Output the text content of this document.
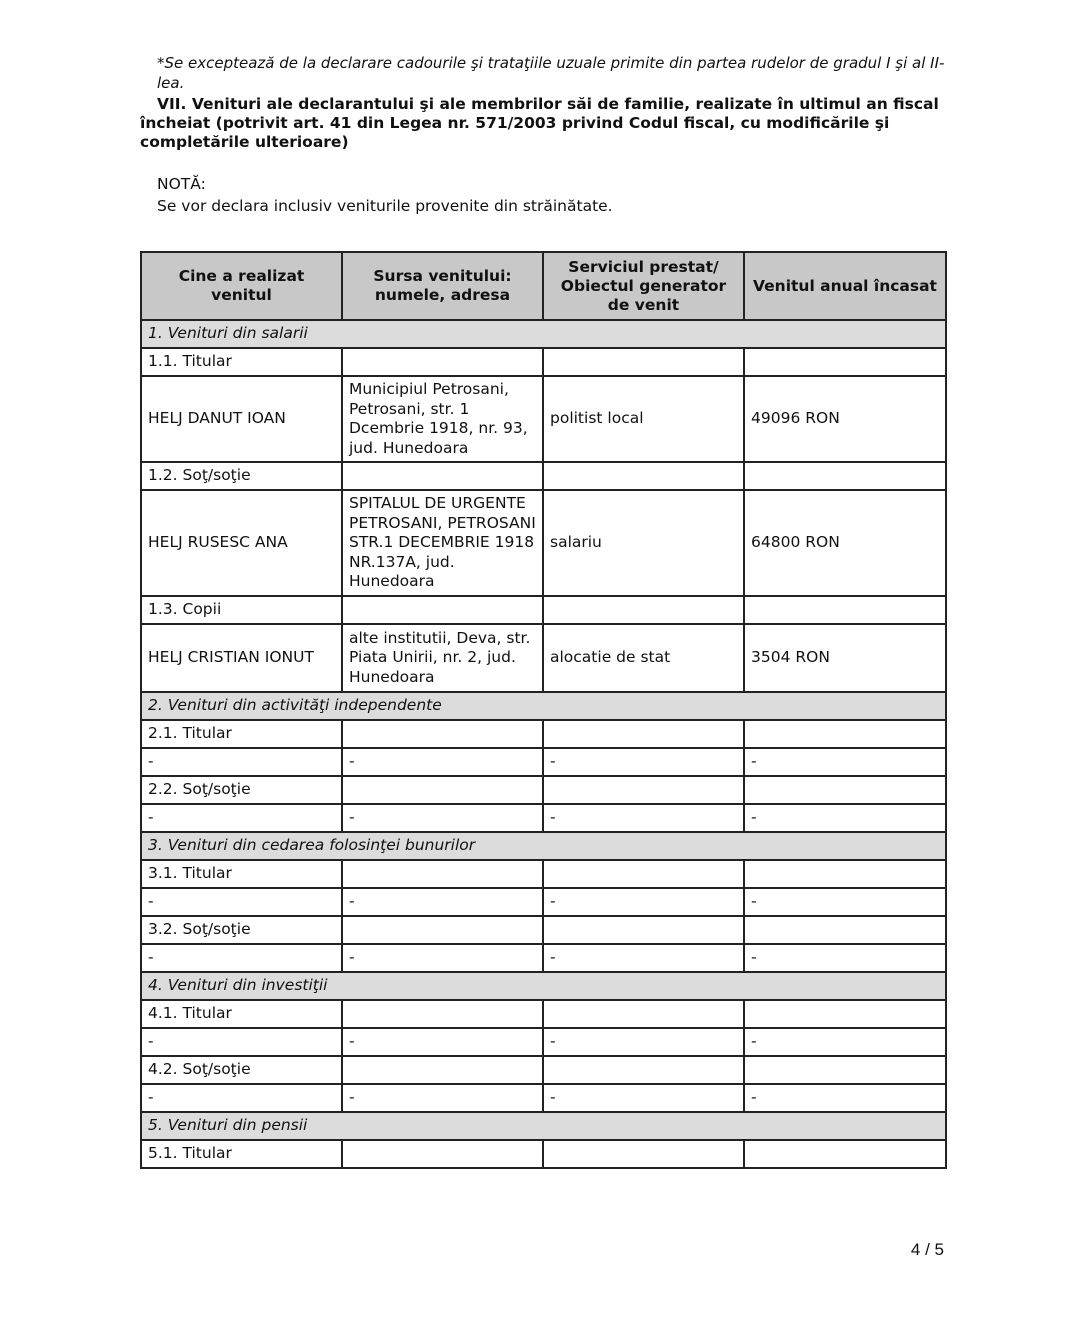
*Se exceptează de la declarare cadourile şi trataţiile uzuale primite din partea rudelor de gradul I şi al II-lea.
VII. Venituri ale declarantului şi ale membrilor săi de familie, realizate în ultimul an fiscal încheiat (potrivit art. 41 din Legea nr. 571/2003 privind Codul fiscal, cu modificările şi completările ulterioare)
NOTĂ:
Se vor declara inclusiv veniturile provenite din străinătate.
Cine a realizat venitul	Sursa venitului: numele, adresa	Serviciul prestat/ Obiectul generator de venit	Venitul anual încasat
1. Venituri din salarii			
1.1. Titular			
HELJ DANUT IOAN	Municipiul Petrosani, Petrosani, str. 1 Dcembrie 1918, nr. 93, jud. Hunedoara	politist local	49096 RON
1.2. Soţ/soţie			
HELJ RUSESC ANA	SPITALUL DE URGENTE PETROSANI, PETROSANI STR.1 DECEMBRIE 1918 NR.137A, jud. Hunedoara	salariu	64800 RON
1.3. Copii			
HELJ CRISTIAN IONUT	alte institutii, Deva, str. Piata Unirii, nr. 2, jud. Hunedoara	alocatie de stat	3504 RON
2. Venituri din activităţi independente			
2.1. Titular			
-	-	-	-
2.2. Soţ/soţie			
-	-	-	-
3. Venituri din cedarea folosinţei bunurilor			
3.1. Titular			
-	-	-	-
3.2. Soţ/soţie			
-	-	-	-
4. Venituri din investiţii			
4.1. Titular			
-	-	-	-
4.2. Soţ/soţie			
-	-	-	-
5. Venituri din pensii			
5.1. Titular			
4 / 5
